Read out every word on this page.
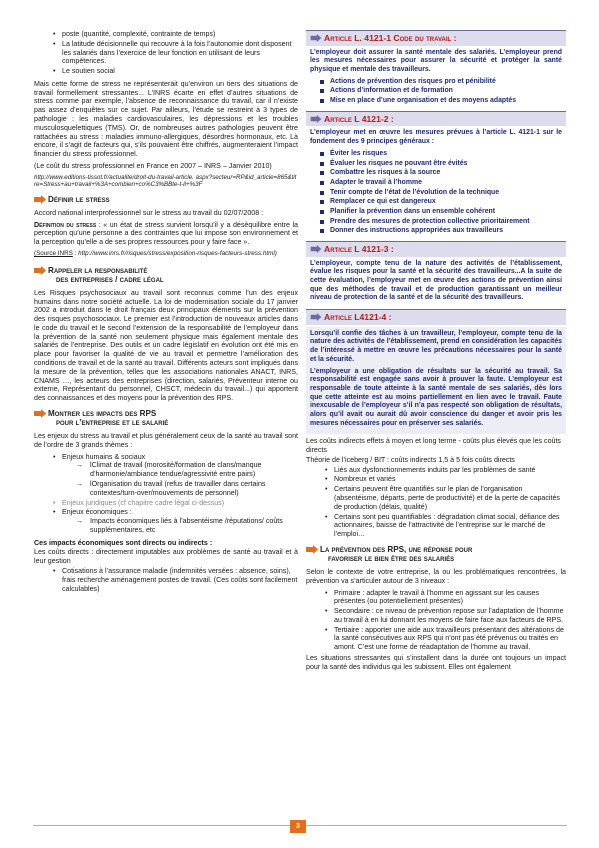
• poste (quantité, complexité, contrainte de temps)
• La latitude décisionnelle qui recouvre à la fois l’autonomie dont disposent les salariés dans l’exercice de leur fonction en utilisant de leurs compétences.
• Le soutien social

Mais cette forme de stress ne représenterait qu’environ un tiers des situations de travail formellement stressantes... L’INRS écarte en effet d’autres situations de stress comme par exemple, l’absence de reconnaissance du travail, car il n’existe pas assez d’enquêtes sur ce sujet. Par ailleurs, l’étude se restreint à 3 types de pathologie : les maladies cardiovasculaires, les dépressions et les troubles musculosquelettiques (TMS). Or, de nombreuses autres pathologies peuvent être rattachées au stress : maladies immuno-allergiques, désordres hormonaux, etc. Là encore, il s’agit de facteurs qui, s’ils pouvaient être chiffrés, augmenteraient l’impact financier du stress professionnel.

(Le coût du stress professionnel en France en 2007 – INRS – Janvier 2010)

http://www.editions-tissot.fr/actualite/droit-du-travail-article. aspx?secteur=RP&id_article=865&titre=Stress+au+travail+%3A+combien+co%C3%BBte-t-il+%3F
Définir le stress

Accord national interprofessionnel sur le stress au travail du 02/07/2008 :

Définition du stress : « un état de stress survient lorsqu’il y a déséquilibre entre la perception qu’une personne a des contraintes que lui impose son environnement et la perception qu’elle a de ses propres ressources pour y faire face ».

(Source INRS : http://www.inrs.fr/risques/stress/exposition-risques-facteurs-stress.html)

Rappeler la responsabilité
des entreprises / cadre légal

Les Risques psychosociaux au travail sont reconnus comme l’un des enjeux humains dans notre société actuelle. La loi de modernisation sociale du 17 janvier 2002 a introduit dans le droit français deux principaux éléments sur la prévention des risques psychosociaux. Le premier est l’introduction de nouveaux articles dans le code du travail et le second l’extension de la responsabilité de l’employeur dans la prévention de la santé non seulement physique mais également mentale des salariés de l’entreprise. Des outils et un cadre législatif en évolution ont été mis en place pour favoriser la qualité de vie au travail et permettre l’amélioration des conditions de travail et de la santé au travail. Différents acteurs sont impliqués dans la mesure de la prévention, telles que les associations nationales ANACT, INRS, CNAMS …, les acteurs des entreprises (direction, salariés, Préventeur interne ou externe, Représentant du personnel, CHSCT, médecin du travail...) qui apportent des connaissances et des moyens pour la prévention des RPS.

Montrer les impacts des RPS
pour l’entreprise et le salarié

Les enjeux du stress au travail et plus généralement ceux de la santé au travail sont de l’ordre de 3 grands thèmes :

• Enjeux humains & sociaux
→ lClimat de travail (morosité/formation de clans/manque d’harmonie/ambiance tendue/agressivité entre pairs)
→ lOrganisation du travail (refus de travailler dans certains contextes/turn-over/mouvements de personnel)
• Enjeux juridiques (cf chapitre cadre légal ci-dessus)
• Enjeux économiques :
→ Impacts économiques liés à l’absentéisme /réputations/ coûts supplémentaires, etc

Ces impacts économiques sont directs ou indirects :

Les coûts directs : directement imputables aux problèmes de santé au travail et à leur gestion

• Cotisations à l’assurance maladie (indemnités versées : absence, soins), frais recherche aménagement postes de travail. (Ces coûts sont facilement calculables)
Article L. 4121-1 Code du travail :

L’employeur doit assurer la santé mentale des salariés. L’employeur prend les mesures nécessaires pour assurer la sécurité et protéger la santé physique et mentale des travailleurs.

Actions de prévention des risques pro et pénibilité
Actions d’information et de formation
Mise en place d’une organisation et des moyens adaptés
Article L 4121-2 :

L’employeur met en œuvre les mesures prévues à l’article L. 4121-1 sur le fondement des 9 principes généraux :

Éviter les risques
Évaluer les risques ne pouvant être évités
Combattre les risques à la source
Adapter le travail à l’homme
Tenir compte de l’état de l’évolution de la technique
Remplacer ce qui est dangereux
Planifier la prévention dans un ensemble cohérent
Prendre des mesures de protection collective prioritairement
Donner des instructions appropriées aux travailleurs
Article L 4121-3 :

L’employeur, compte tenu de la nature des activités de l’établissement, évalue les risques pour la santé et la sécurité des travailleurs...A la suite de cette évaluation, l’employeur met en œuvre des actions de prévention ainsi que des méthodes de travail et de production garantissant un meilleur niveau de protection de la santé et de la sécurité des travailleurs.

Article L4121-4 :

Lorsqu’il confie des tâches à un travailleur, l’employeur, compte tenu de la nature des activités de l’établissement, prend en considération les capacités de l’intéressé à mettre en œuvre les précautions nécessaires pour la santé et la sécurité.

L’employeur a une obligation de résultats sur la sécurité au travail. Sa responsabilité est engagée sans avoir à prouver la faute. L’employeur est responsable de toute atteinte à la santé mentale de ses salariés, dès lors que cette atteinte est au moins partiellement en lien avec le travail. Faute inexcusable de l’employeur s’il n’a pas respecté son obligation de résultats, alors qu’il avait ou aurait dû avoir conscience du danger et avoir pris les mesures nécessaires pour en préserver ses salariés.

Les coûts indirects effets à moyen et long terme - coûts plus élevés que les coûts directs

Théorie de l’iceberg / BIT : coûts indirects 1,5 à 5 fois coûts directs

• Liés aux dysfonctionnements induits par les problèmes de santé
• Nombreux et variés
• Certains peuvent être quantifiés sur le plan de l’organisation (absentéisme, départs, perte de productivité) et de la perte de capacités de production (délais, qualité)
• Certains sont peu quantifiables : dégradation climat social, défiance des actionnaires, baisse de l’attractivité de l’entreprise sur le marché de l’emploi…
La prévention des RPS, une réponse pour
favoriser le bien être des salariés

Selon le contexte de votre entreprise, la ou les problématiques rencontrées, la prévention va s’articuler autour de 3 niveaux :

• Primaire : adapter le travail à l’homme en agissant sur les causes présentes (ou potentiellement présentes)
• Secondaire : ce niveau de prévention repose sur l’adaptation de l’homme au travail à en lui donnant les moyens de faire face aux facteurs de RPS.
• Tertiaire : apporter une aide aux travailleurs présentant des altérations de la santé consécutives aux RPS qui n’ont pas été prévenus ou traités en amont. C’est une forme de réadaptation de l’homme au travail.

Les situations stressantes qui s’installent dans la durée ont toujours un impact pour la santé des individus qui les subissent. Elles ont également

3
